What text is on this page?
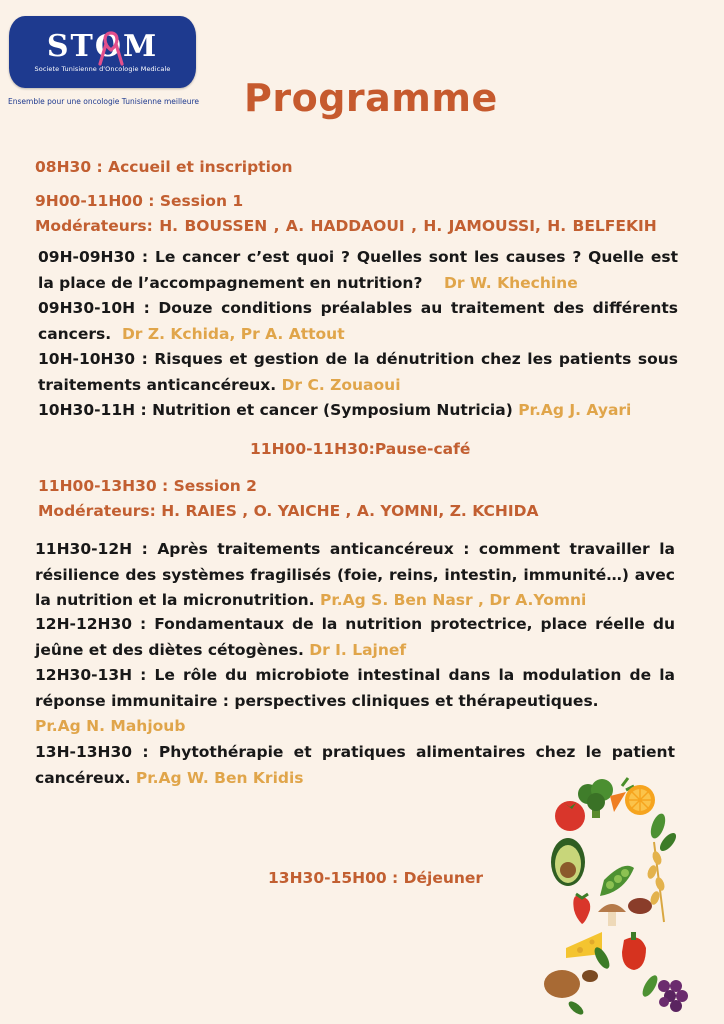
STOM
Societe Tunisienne d'Oncologie Medicale
Ensemble pour une oncologie Tunisienne meilleure Programme
08H30 : Accueil et inscription
9H00-11H00 : Session 1
Modérateurs: H. BOUSSEN , A. HADDAOUI , H. JAMOUSSI, H. BELFEKIH

09H-09H30 : Le cancer c’est quoi ? Quelles sont les causes ? Quelle est la place de l’accompagnement en nutrition? Dr W. Khechine

09H30-10H : Douze conditions préalables au traitement des différents cancers. Dr Z. Kchida, Pr A. Attout

10H-10H30 : Risques et gestion de la dénutrition chez les patients sous traitements anticancéreux. Dr C. Zouaoui

10H30-11H : Nutrition et cancer (Symposium Nutricia) Pr.Ag J. Ayari

11H00-11H30:Pause-café
11H00-13H30 : Session 2
Modérateurs: H. RAIES , O. YAICHE , A. YOMNI, Z. KCHIDA

11H30-12H : Après traitements anticancéreux : comment travailler la résilience des systèmes fragilisés (foie, reins, intestin, immunité…) avec la nutrition et la micronutrition. Pr.Ag S. Ben Nasr , Dr A.Yomni

12H-12H30 : Fondamentaux de la nutrition protectrice, place réelle du jeûne et des diètes cétogènes. Dr I. Lajnef

12H30-13H : Le rôle du microbiote intestinal dans la modulation de la réponse immunitaire : perspectives cliniques et thérapeutiques.
Pr.Ag N. Mahjoub

13H-13H30 : Phytothérapie et pratiques alimentaires chez le patient cancéreux. Pr.Ag W. Ben Kridis

13H30-15H00 : Déjeuner
